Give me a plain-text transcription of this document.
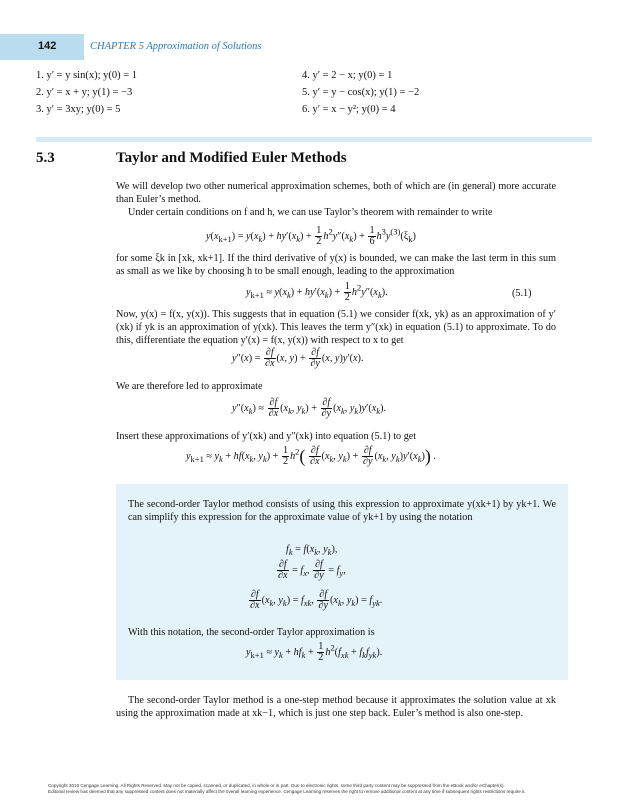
142	CHAPTER 5 Approximation of Solutions
1. y′ = y sin(x); y(0) = 1
2. y′ = x + y; y(1) = −3
3. y′ = 3xy; y(0) = 5
4. y′ = 2 − x; y(0) = 1
5. y′ = y − cos(x); y(1) = −2
6. y′ = x − y²; y(0) = 4
5.3	Taylor and Modified Euler Methods
We will develop two other numerical approximation schemes, both of which are (in general) more accurate than Euler’s method.
Under certain conditions on f and h, we can use Taylor’s theorem with remainder to write
$y(x_{k+1}) = y(x_k) + hy'(x_k) + \frac{1}{2} h^2y''(x_k) + \frac{1}{6} h^3y^{(3)}(\xi_k)$
for some ξk in [xk, xk+1]. If the third derivative of y(x) is bounded, we can make the last term in this sum as small as we like by choosing h to be small enough, leading to the approximation
$y_{k+1} \approx y(x_k) + hy'(x_k) + \frac{1}{2} h^2y''(x_k)$.	(5.1)
Now, y(x) = f(x, y(x)). This suggests that in equation (5.1) we consider f(xk, yk) as an approximation of y′(xk) if yk is an approximation of y(xk). This leaves the term y″(xk) in equation (5.1) to approximate. To do this, differentiate the equation y′(x) = f(x, y(x)) with respect to x to get
$y''(x) = \frac{\partial f}{\partial x} (x$, $y) + \frac{\partial f}{\partial y} (x$, y)y′(x).
We are therefore led to approximate
$y''(x_k) \approx \frac{\partial f}{\partial x} (x_k$, $y_k) + \frac{\partial f}{\partial y} (x_k$, $y_k)y'(x_k)$.
Insert these approximations of y′(xk) and y″(xk) into equation (5.1) to get
$y_{k+1} \approx y_k + hf(x_k$, $y_k) + \frac{1}{2} h^2( \frac{\partial f}{\partial x} (x_k$, $y_k) + \frac{\partial f}{\partial y} (x_k$, $y_k)y'(x_k)$) .
The second-order Taylor method consists of using this expression to approximate y(xk+1) by yk+1. We can simplify this expression for the approximate value of yk+1 by using the notation
$f_k = f(x_k$, $y_k$),
$\frac{\partial f}{\partial x} = f_x$, $\frac{\partial f}{\partial y} = f_y$,
$\frac{\partial f}{\partial x} (x_k$, $y_k) = f_{xk}$, $\frac{\partial f}{\partial y} (x_k$, $y_k) = f_{yk}$.
With this notation, the second-order Taylor approximation is
$y_{k+1} \approx y_k + hf_k + \frac{1}{2} h^2(f_{xk} + f_kf_{yk})$.
The second-order Taylor method is a one-step method because it approximates the solution value at xk using the approximation made at xk−1, which is just one step back. Euler’s method is also one-step.
Copyright 2010 Cengage Learning. All Rights Reserved. May not be copied, scanned, or duplicated, in whole or in part. Due to electronic rights, some third party content may be suppressed from the eBook and/or eChapter(s).
Editorial review has deemed that any suppressed content does not materially affect the overall learning experience. Cengage Learning reserves the right to remove additional content at any time if subsequent rights restrictions require it.
